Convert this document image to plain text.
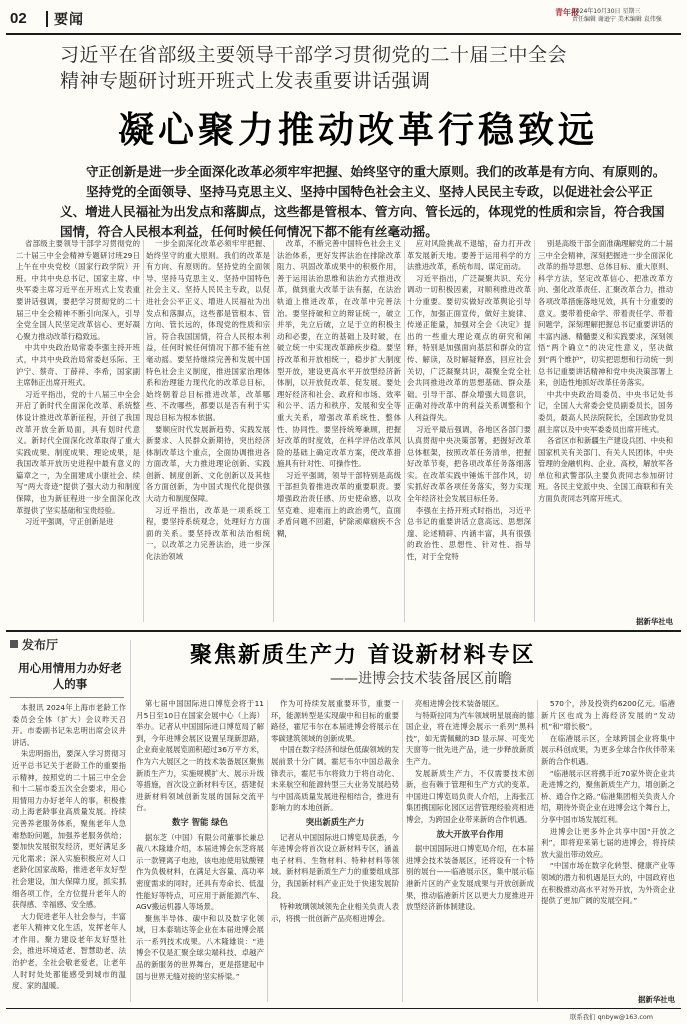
02 要闻	青年报
2024年10月30日 星期三
责任编辑 谢逊宁 美术编辑 袁伟强
习近平在省部级主要领导干部学习贯彻党的二十届三中全会
精神专题研讨班开班式上发表重要讲话强调
凝心聚力推动改革行稳致远

守正创新是进一步全面深化改革必须牢牢把握、始终坚守的重大原则。我们的改革是有方向、有原则的。

坚持党的全面领导、坚持马克思主义、坚持中国特色社会主义、坚持人民民主专政，以促进社会公平正义、增进人民福祉为出发点和落脚点，这些都是管根本、管方向、管长远的，体现党的性质和宗旨，符合我国国情，符合人民根本利益，任何时候任何情况下都不能有丝毫动摇。

省部级主要领导干部学习贯彻党的二十届三中全会精神专题研讨班29日上午在中央党校（国家行政学院）开班。中共中央总书记、国家主席、中央军委主席习近平在开班式上发表重要讲话强调，要把学习贯彻党的二十届三中全会精神不断引向深入，引导全党全国人民坚定改革信心、更好凝心聚力推动改革行稳致远。

中共中央政治局常委李强主持开班式，中共中央政治局常委赵乐际、王沪宁、蔡奇、丁薛祥、李希，国家副主席韩正出席开班式。

习近平指出，党的十八届三中全会开启了新时代全面深化改革、系统整体设计推进改革新征程，开创了我国改革开放全新局面，具有划时代意义。新时代全面深化改革取得了重大实践成果、制度成果、理论成果，是我国改革开放历史进程中最有意义的篇章之一，为全面建成小康社会、续写“两大奇迹”提供了强大动力和制度保障，也为新征程进一步全面深化改革提供了坚实基础和宝贵经验。

习近平强调，守正创新是进

一步全面深化改革必须牢牢把握、始终坚守的重大原则。我们的改革是有方向、有原则的。坚持党的全面领导、坚持马克思主义、坚持中国特色社会主义、坚持人民民主专政，以促进社会公平正义、增进人民福祉为出发点和落脚点，这些都是管根本、管方向、管长远的，体现党的性质和宗旨，符合我国国情，符合人民根本利益，任何时候任何情况下都不能有丝毫动摇。要坚持继续完善和发展中国特色社会主义制度，推进国家治理体系和治理能力现代化的改革总目标，始终朝着总目标推进改革，改革哪些、不改哪些，都要以是否有利于实现总目标为根本依据。

要顺应时代发展新趋势、实践发展新要求、人民群众新期待，突出经济体制改革这个重点，全面协调推进各方面改革，大力推进理论创新、实践创新、制度创新、文化创新以及其他各方面创新，为中国式现代化提供强大动力和制度保障。

习近平指出，改革是一项系统工程，要坚持系统观念，处理好方方面面的关系。要坚持改革和法治相统一，以改革之力完善法治，进一步深化法治领域

改革，不断完善中国特色社会主义法治体系，更好发挥法治在排除改革阻力、巩固改革成果中的积极作用，善于运用法治思维和法治方式推进改革，做到重大改革于法有据，在法治轨道上推进改革，在改革中完善法治。要坚持破和立的辩证统一，破立并举，先立后破，立足于立的积极主动和必要，在立的基础上及时破，在破立统一中实现改革蹄疾步稳。要坚持改革和开放相统一，稳步扩大制度型开放，建设更高水平开放型经济新体制，以开放促改革、促发展。要处理好经济和社会、政府和市场、效率和公平、活力和秩序、发展和安全等重大关系，增强改革系统性、整体性、协同性。要坚持统筹兼顾，把握好改革的时度效，在科学评估改革风险的基础上确定改革方案，使改革措施具有针对性、可操作性。

习近平强调，领导干部特别是高级干部担负着推进改革的重要职责。要增强政治责任感、历史使命感，以攻坚克难、迎难而上的政治勇气，直面矛盾问题不回避，铲除顽瘴痼疾不含糊，

应对风险挑战不退缩，奋力打开改革发展新天地。要善于运用科学的方法推进改革，系统布局、谋定而动。

习近平指出，广泛凝聚共识、充分调动一切积极因素，对顺利推进改革十分重要。要切实做好改革舆论引导工作，加强正面宣传，做好主旋律、传递正能量，加强对全会《决定》提出的一些重大理论观点的研究和阐释，特别是加强面向基层和群众的宣传、解读，及时解疑释惑，回应社会关切，广泛凝聚共识，凝聚全党全社会共同推进改革的思想基础、群众基础。引导干部、群众增强大局意识，正确对待改革中的利益关系调整和个人利益得失。

习近平最后强调，各地区各部门要认真贯彻中央决策部署，把握好改革总体框架，按照改革任务清单，把握好改革节奏，把各项改革任务落细落实。在改革实践中锤炼干部作风，切实抓好改革各项任务落实，努力实现全年经济社会发展目标任务。

李强在主持开班式时指出，习近平总书记的重要讲话立意高远、思想深邃、论述精辟、内涵丰富，具有很强的政治性、思想性、针对性、指导性，对于全党特

别是高级干部全面准确理解党的二十届三中全会精神，深刻把握进一步全面深化改革的指导思想、总体目标、重大原则、科学方法，坚定改革信心、把准改革方向、强化改革责任、汇聚改革合力，推动各项改革措施落地见效，具有十分重要的意义。要带着使命学、带着责任学、带着问题学，深刻理解把握总书记重要讲话的丰富内涵、精髓要义和实践要求，深刻领悟“两个确立”的决定性意义，坚决做到“两个维护”，切实把思想和行动统一到总书记重要讲话精神和党中央决策部署上来，创造性地抓好改革任务落实。

中共中央政治局委员、中央书记处书记，全国人大常委会党员副委员长，国务委员，最高人民法院院长，全国政协党员副主席以及中央军委委员出席开班式。

各省区市和新疆生产建设兵团、中央和国家机关有关部门、有关人民团体，中央管理的金融机构、企业、高校，解放军各单位和武警部队主要负责同志参加研讨班。各民主党派中央、全国工商联和有关方面负责同志列席开班式。

据新华社电
发布厅
用心用情用力办好老人的事

本报讯 2024年上海市老龄工作委员会全体（扩大）会议昨天召开。市委副书记朱忠明出席会议并讲话。

朱忠明指出，要深入学习贯彻习近平总书记关于老龄工作的重要指示精神，按照党的二十届三中全会和十二届市委五次全会要求，用心用情用力办好老年人的事，积极推动上海老龄事业高质量发展。持续完善养老服务体系，聚焦老年人急难愁盼问题，加强养老服务供给；要加快发展银发经济，更好满足多元化需求；深入实施积极应对人口老龄化国家战略，推进老年友好型社会建设，加大保障力度，抓实抓细各项工作，全方位提升老年人的获得感、幸福感、安全感。

大力促进老年人社会参与，丰富老年人精神文化生活，发挥老年人才作用。聚力建设老年友好型社会，推进环境适老、智慧助老、法治护老，全社会敬老爱老，让老年人时时处处都能感受到城市的温度、家的温暖。

聚焦新质生产力 首设新材料专区
——进博会技术装备展区前瞻

第七届中国国际进口博览会将于11月5日至10日在国家会展中心（上海）举办。记者从中国国际进口博览局了解到，今年进博会展区设置呈现新思路，企业商业展展览面积超过36万平方米，作为六大展区之一的技术装备展区聚焦新质生产力，实施规模扩大、展示升级等措施，首次设立新材料专区，搭建促进新材料领域创新发展的国际交流平台。

数字 智能 绿色

据东芝（中国）有限公司董事长兼总裁八木隆雄介绍，本届进博会东芝将展示一款锂离子电池，该电池使用钛酸锂作为负极材料，在满足大容量、高功率密度需求的同时，还具有寿命长、低温性能好等特点，可应用于新能源汽车、AGV搬运机器人等场景。

聚焦半导体、碳中和以及数字化领域，日本泰瑞达等企业在本届进博会展示一系列技术成果。八木隆雄说：“进博会不仅是汇聚全球尖端科技、卓越产品的新服务的世界舞台，更是搭建起中国与世界无缝对接的坚实桥梁。”

作为可持续发展重要环节，重要一环，能源转型是实现碳中和目标的重要路径，霍尼韦尔在本届进博会将展示在零碳建筑领域的创新成果。

中国在数字经济和绿色低碳领域的发展前景十分广阔。霍尼韦尔中国总裁余锋表示，霍尼韦尔将致力于将自动化、未来航空和能源转型三大业务发展趋势与中国高质量发展进程相结合，推进有影响力的本地创新。

突出新质生产力

记者从中国国际进口博览局获悉，今年进博会将首次设立新材料专区，涵盖电子材料、生物材料、特种材料等领域。新材料是新质生产力的重要组成部分，我国新材料产业正处于快速发展阶段。

特种玻璃领域领先企业相关负责人表示，将携一批创新产品亮相进博会。

亮相进博会技术装备展区。

与特斯拉同为汽车领域明星展商的德国企业，将在进博会展示一系列“黑科技”，如无需佩戴的3D 显示屏、可变光天窗等一批先进产品，进一步释放新质生产力。

发展新质生产力，不仅需要技术创新，也有赖于管理和生产方式的变革。中国进口博览局负责人介绍，上海张江集团携国际化园区运营管理经验亮相进博会，为跨国企业带来新的合作机遇。

放大开放平台作用

据中国国际进口博览局介绍，在本届进博会技术装备展区，还将设有一个特别的展台——临港展示区，集中展示临港新片区的产业发展成果与开放创新成果，推动临港新片区以更大力度推进开放型经济新体制建设。

570个，涉及投资约6200亿元。临港新片区也成为上海经济发展的“发动机”和“增长极”。

在临港展示区，全球跨国企业将集中展示科创成果，为更多全球合作伙伴带来新的合作机遇。

“临港展示区将携手近70家外资企业共赴进博之约，聚焦新质生产力，增创新之桥、通合作之路。”临港集团相关负责人介绍，期待外资企业在进博会这个舞台上，分享中国市场发展红利。

进博会让更多外企共享中国“开放之利”，即将迎来第七届的进博会，将持续放大溢出带动效应。

“中国市场在数字化转型、健康产业等领域的潜力和机遇是巨大的，中国政府也在积极推动高水平对外开放，为外资企业提供了更加广阔的发展空间。”

据新华社电
联系我们 qnbyw@163.com
